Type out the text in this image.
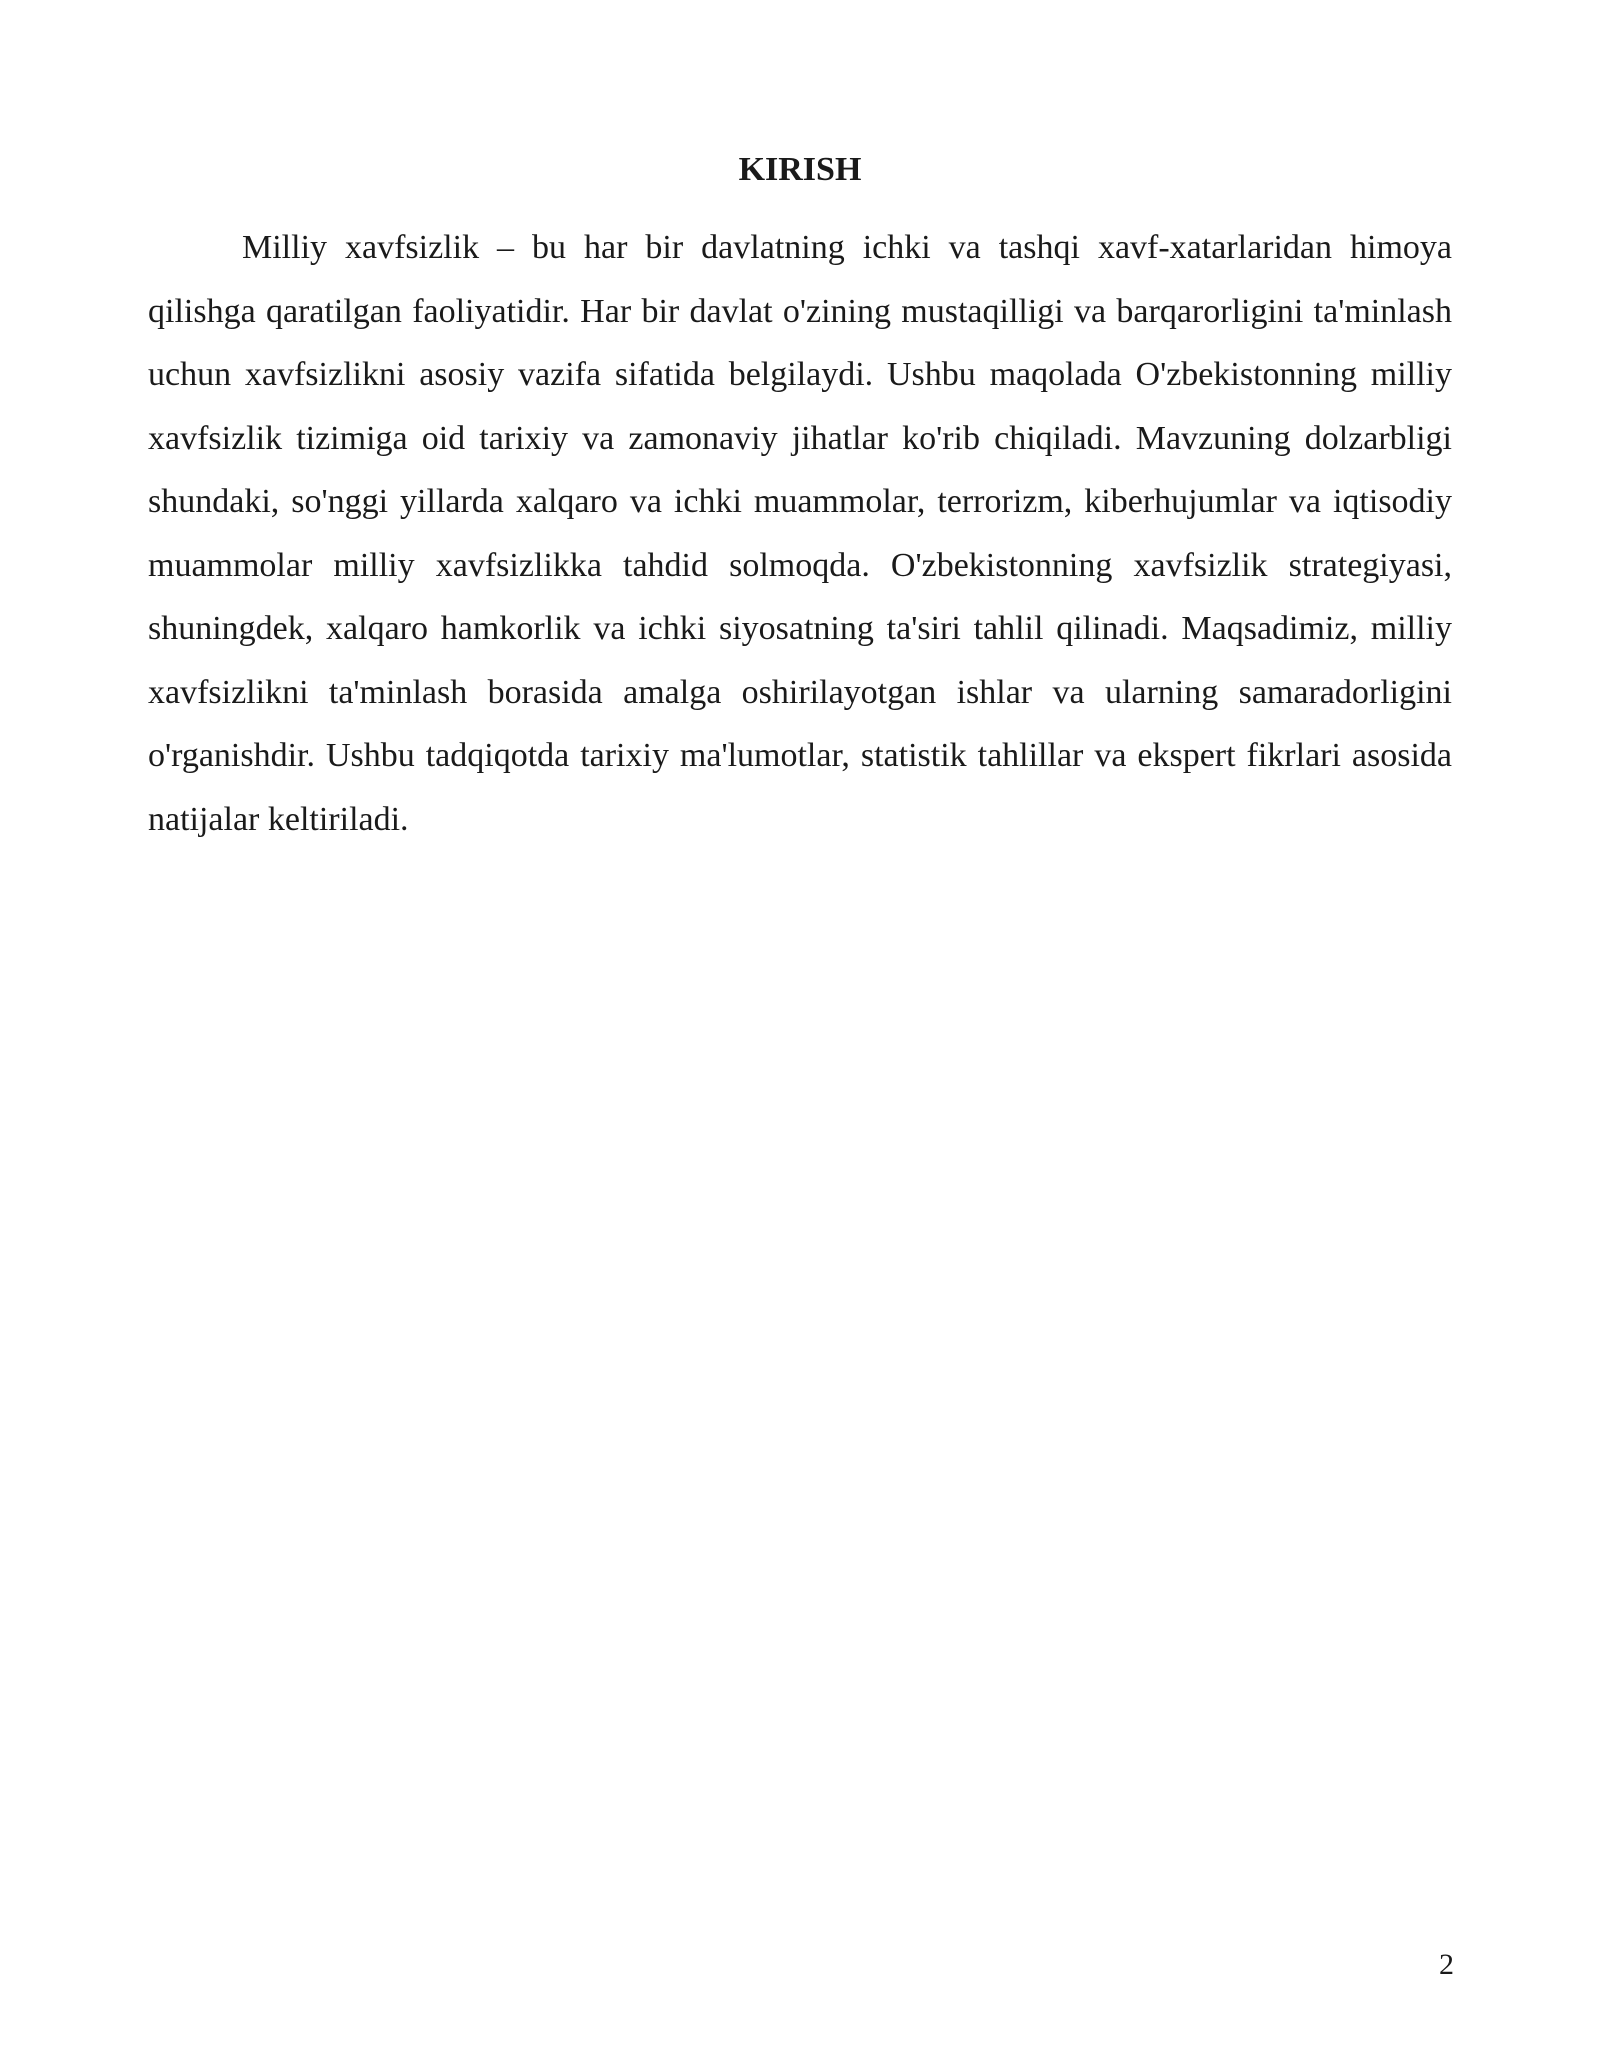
KIRISH

Milliy xavfsizlik – bu har bir davlatning ichki va tashqi xavf-xatarlaridan himoya qilishga qaratilgan faoliyatidir. Har bir davlat o'zining mustaqilligi va barqarorligini ta'minlash uchun xavfsizlikni asosiy vazifa sifatida belgilaydi. Ushbu maqolada O'zbekistonning milliy xavfsizlik tizimiga oid tarixiy va zamonaviy jihatlar ko'rib chiqiladi. Mavzuning dolzarbligi shundaki, so'nggi yillarda xalqaro va ichki muammolar, terrorizm, kiberhujumlar va iqtisodiy muammolar milliy xavfsizlikka tahdid solmoqda. O'zbekistonning xavfsizlik strategiyasi, shuningdek, xalqaro hamkorlik va ichki siyosatning ta'siri tahlil qilinadi. Maqsadimiz, milliy xavfsizlikni ta'minlash borasida amalga oshirilayotgan ishlar va ularning samaradorligini o'rganishdir. Ushbu tadqiqotda tarixiy ma'lumotlar, statistik tahlillar va ekspert fikrlari asosida natijalar keltiriladi.

2
